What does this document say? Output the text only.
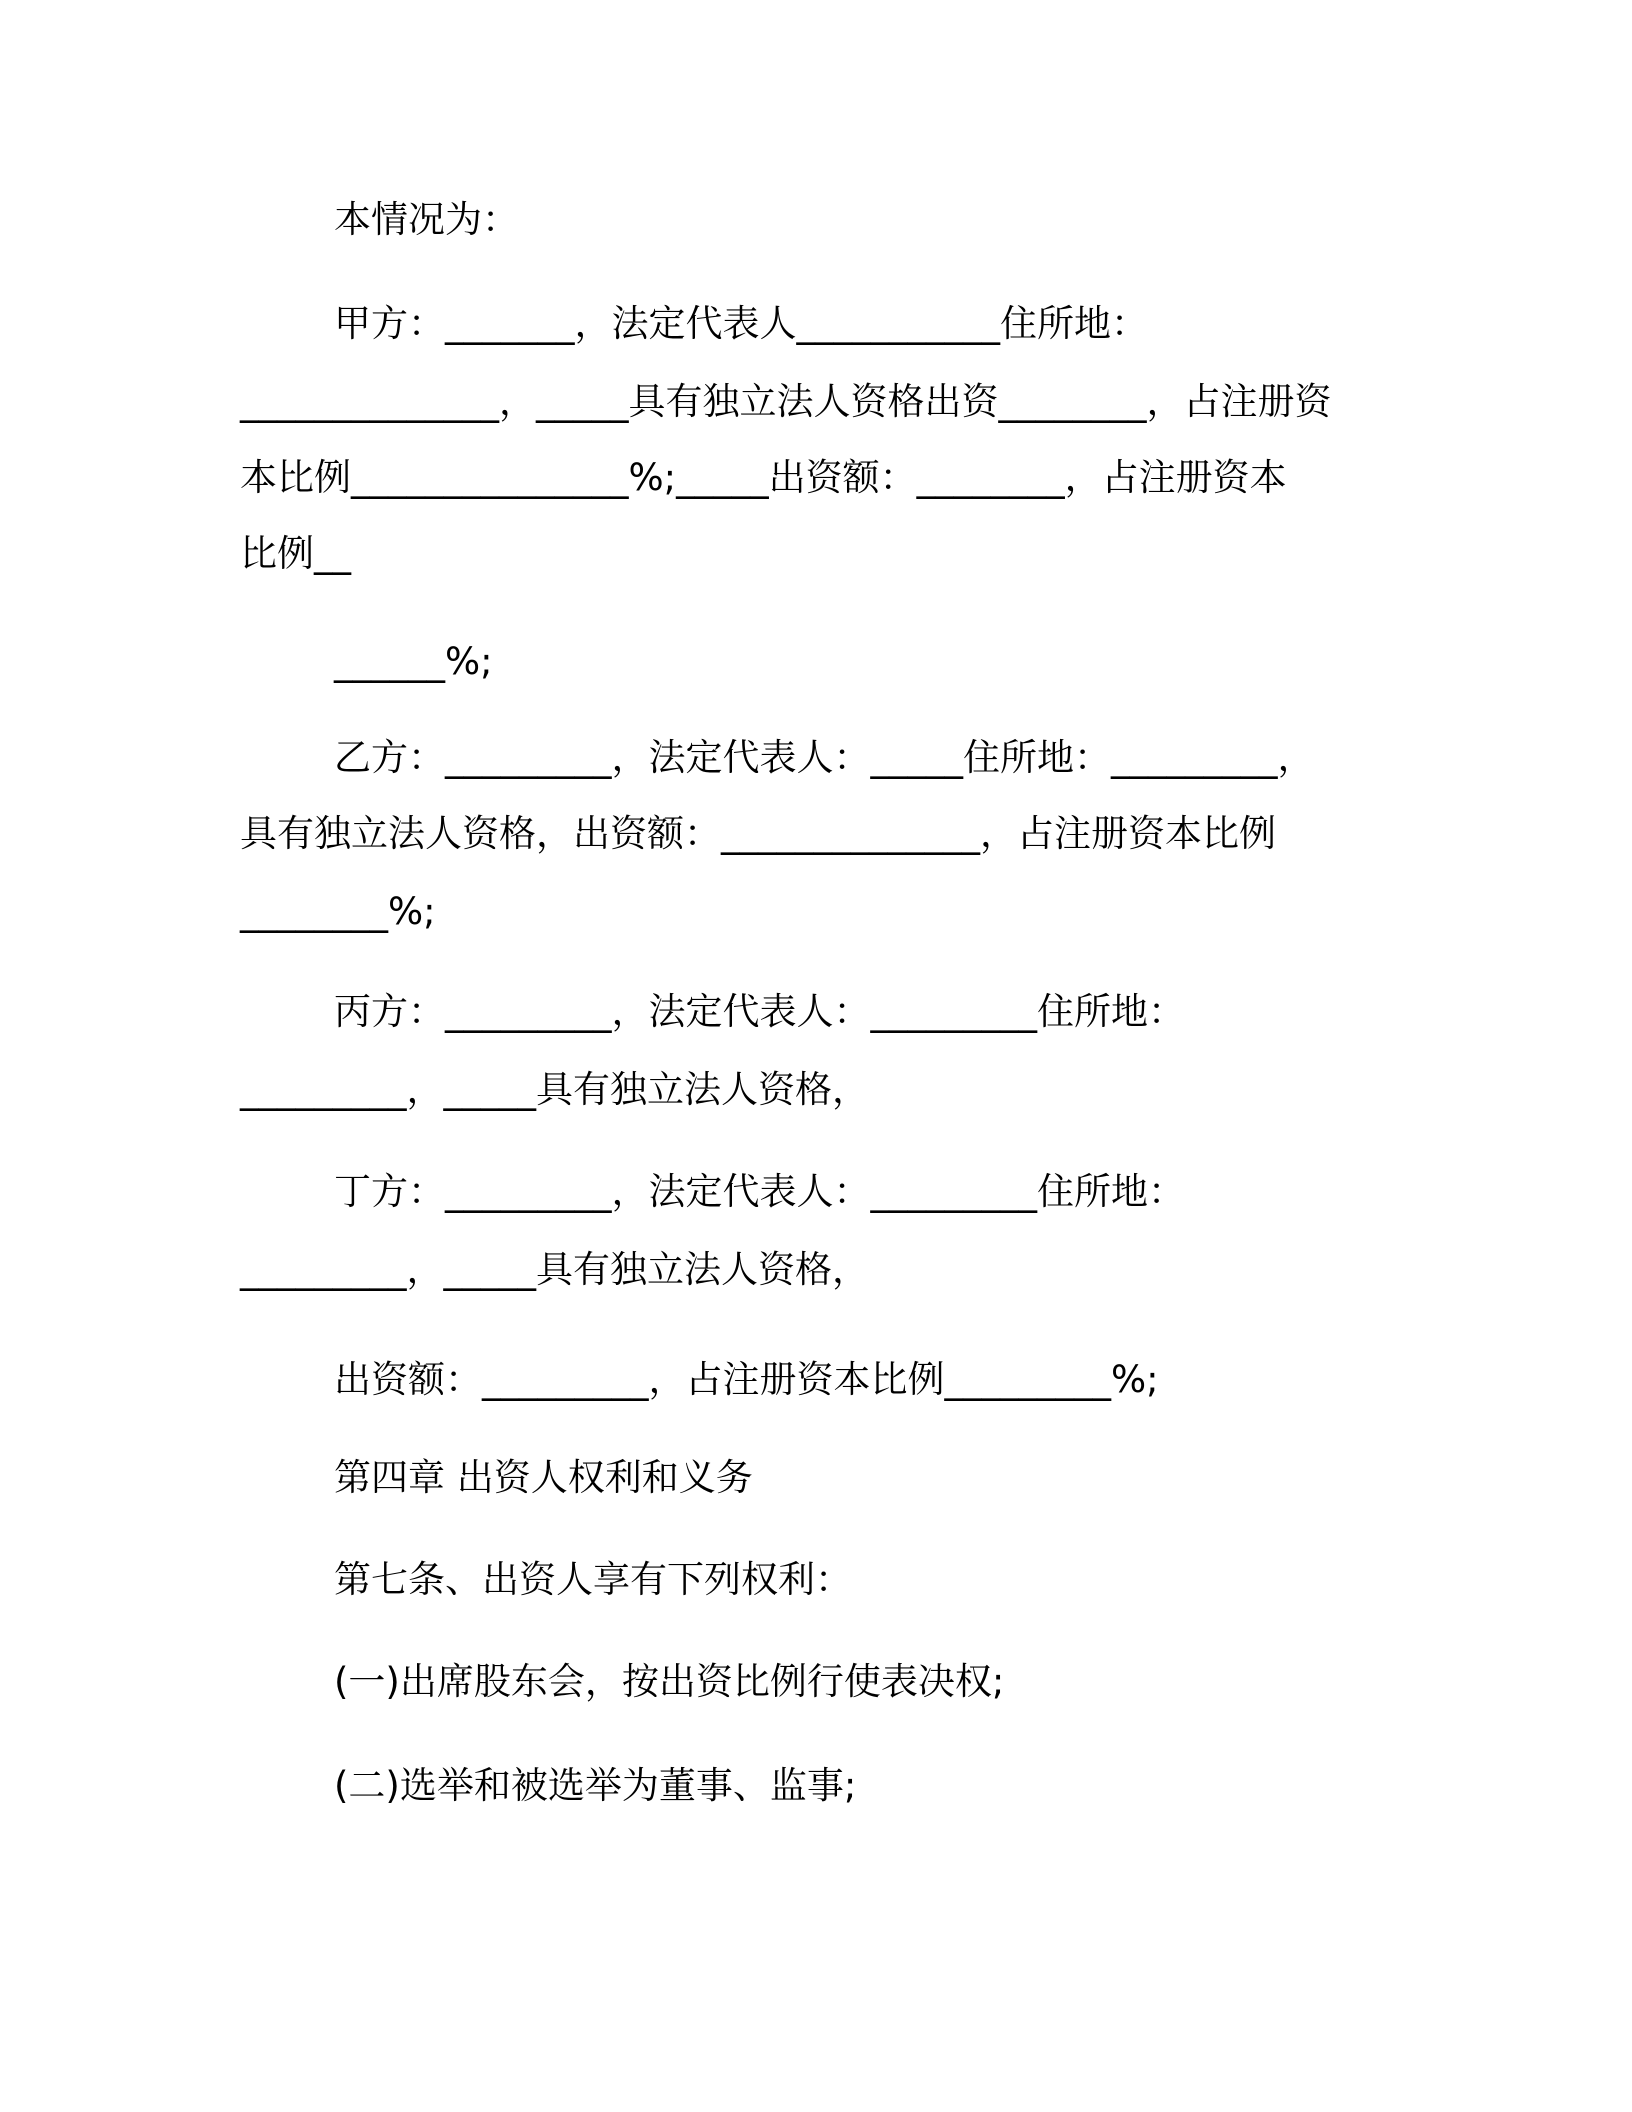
本情况为：
甲方：_______，法定代表人___________住所地：
______________，_____具有独立法人资格出资________，占注册资
本比例_______________%;_____出资额：________，占注册资本
比例__
______%;
乙方：_________，法定代表人：_____住所地：_________，
具有独立法人资格，出资额：______________，占注册资本比例
________%;
丙方：_________，法定代表人：_________住所地：
_________，_____具有独立法人资格，
丁方：_________，法定代表人：_________住所地：
_________，_____具有独立法人资格，
出资额：_________，占注册资本比例_________%;
第四章 出资人权利和义务
第七条、出资人享有下列权利：
(一)出席股东会，按出资比例行使表决权;
(二)选举和被选举为董事、监事;
